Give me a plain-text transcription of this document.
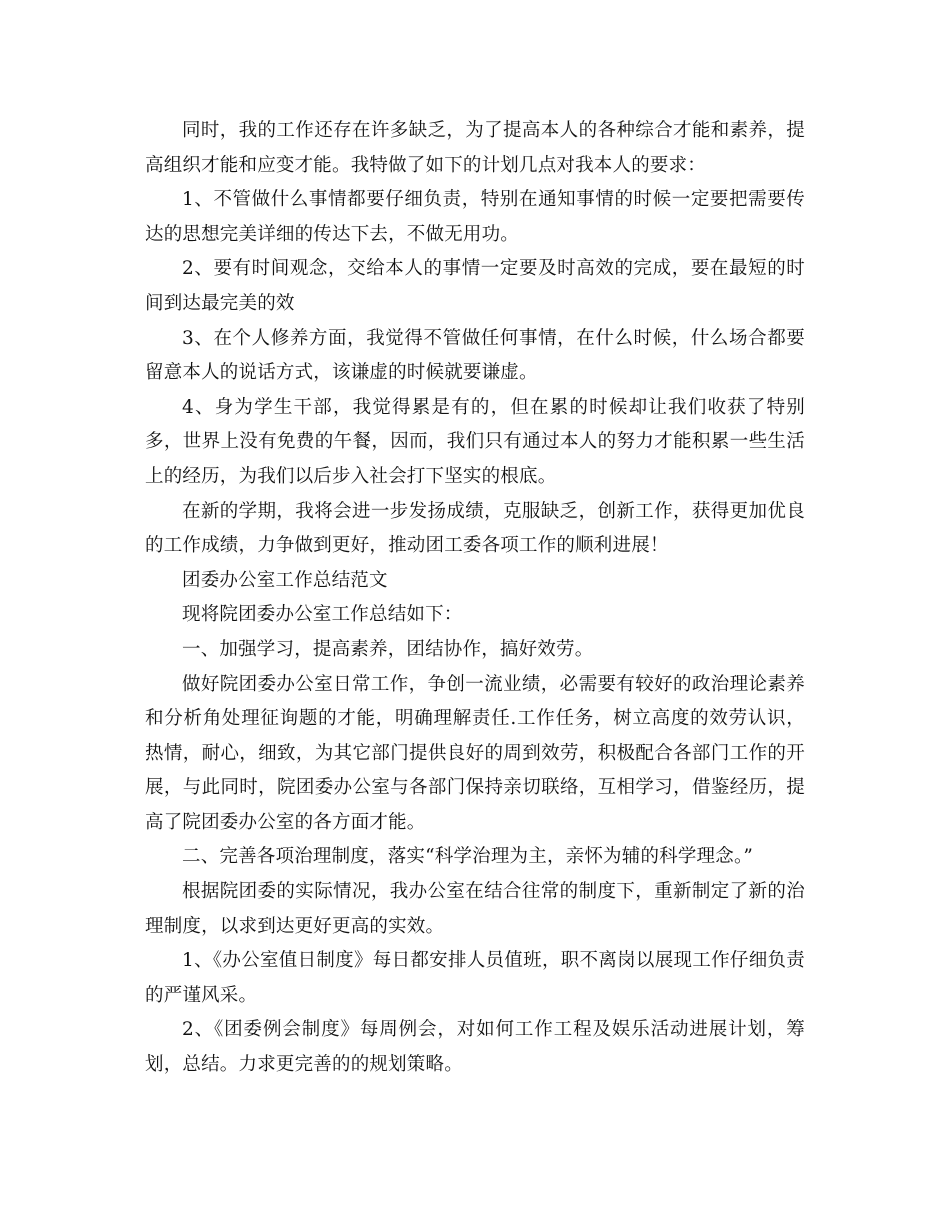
同时，我的工作还存在许多缺乏，为了提高本人的各种综合才能和素养，提高组织才能和应变才能。我特做了如下的计划几点对我本人的要求：

1、不管做什么事情都要仔细负责，特别在通知事情的时候一定要把需要传达的思想完美详细的传达下去，不做无用功。

2、要有时间观念，交给本人的事情一定要及时高效的完成，要在最短的时间到达最完美的效

3、在个人修养方面，我觉得不管做任何事情，在什么时候，什么场合都要留意本人的说话方式，该谦虚的时候就要谦虚。

4、身为学生干部，我觉得累是有的，但在累的时候却让我们收获了特别多，世界上没有免费的午餐，因而，我们只有通过本人的努力才能积累一些生活上的经历，为我们以后步入社会打下坚实的根底。

在新的学期，我将会进一步发扬成绩，克服缺乏，创新工作，获得更加优良的工作成绩，力争做到更好，推动团工委各项工作的顺利进展！

团委办公室工作总结范文

现将院团委办公室工作总结如下：

一、加强学习，提高素养，团结协作，搞好效劳。

做好院团委办公室日常工作，争创一流业绩，必需要有较好的政治理论素养和分析角处理征询题的才能，明确理解责任.工作任务，树立高度的效劳认识，热情，耐心，细致，为其它部门提供良好的周到效劳，积极配合各部门工作的开展，与此同时，院团委办公室与各部门保持亲切联络，互相学习，借鉴经历，提高了院团委办公室的各方面才能。

二、完善各项治理制度，落实“科学治理为主，亲怀为辅的科学理念。”

根据院团委的实际情况，我办公室在结合往常的制度下，重新制定了新的治理制度，以求到达更好更高的实效。

1、《办公室值日制度》每日都安排人员值班，职不离岗以展现工作仔细负责的严谨风采。

2、《团委例会制度》每周例会，对如何工作工程及娱乐活动进展计划，筹划，总结。力求更完善的的规划策略。
